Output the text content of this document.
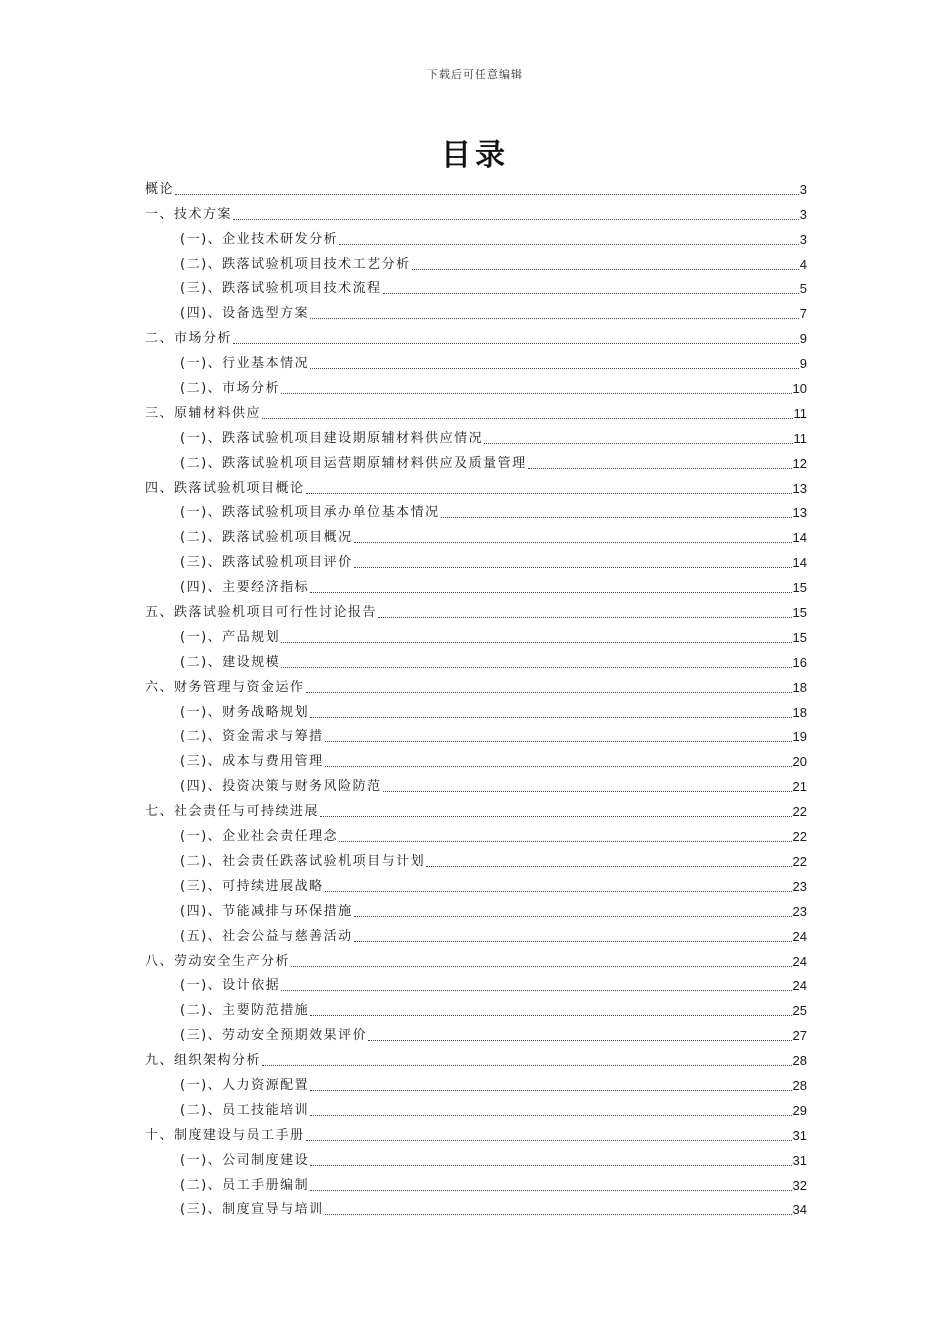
下载后可任意编辑
目录
概论	3
一、技术方案	3
(一)、企业技术研发分析	3
(二)、跌落试验机项目技术工艺分析	4
(三)、跌落试验机项目技术流程	5
(四)、设备选型方案	7
二、市场分析	9
(一)、行业基本情况	9
(二)、市场分析	10
三、原辅材料供应	11
(一)、跌落试验机项目建设期原辅材料供应情况	11
(二)、跌落试验机项目运营期原辅材料供应及质量管理	12
四、跌落试验机项目概论	13
(一)、跌落试验机项目承办单位基本情况	13
(二)、跌落试验机项目概况	14
(三)、跌落试验机项目评价	14
(四)、主要经济指标	15
五、跌落试验机项目可行性讨论报告	15
(一)、产品规划	15
(二)、建设规模	16
六、财务管理与资金运作	18
(一)、财务战略规划	18
(二)、资金需求与筹措	19
(三)、成本与费用管理	20
(四)、投资决策与财务风险防范	21
七、社会责任与可持续进展	22
(一)、企业社会责任理念	22
(二)、社会责任跌落试验机项目与计划	22
(三)、可持续进展战略	23
(四)、节能减排与环保措施	23
(五)、社会公益与慈善活动	24
八、劳动安全生产分析	24
(一)、设计依据	24
(二)、主要防范措施	25
(三)、劳动安全预期效果评价	27
九、组织架构分析	28
(一)、人力资源配置	28
(二)、员工技能培训	29
十、制度建设与员工手册	31
(一)、公司制度建设	31
(二)、员工手册编制	32
(三)、制度宣导与培训	34
